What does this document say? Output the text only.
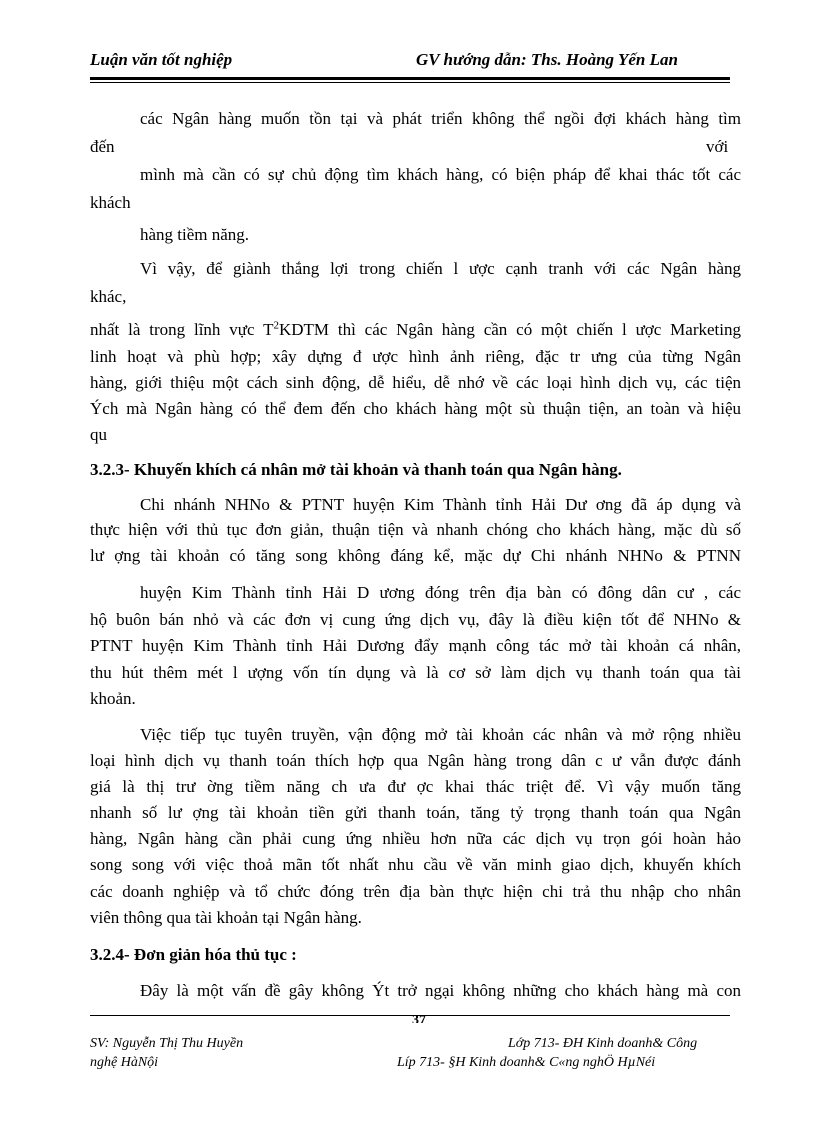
Luận văn tốt nghiệp	GV hướng dẫn: Ths. Hoàng Yến Lan
các Ngân hàng muốn tồn tại và phát triển không thể ngồi đợi khách hàng tìm
đến	với
mình mà cần có sự chủ động tìm khách hàng, có biện pháp để khai thác tốt các
khách
hàng tiềm năng.
Vì vậy, để giành thắng lợi trong chiến l ược cạnh tranh với các Ngân hàng
khác,
nhất là trong lĩnh vực $T^2KDTM$ thì các Ngân hàng cần có một chiến l ược Marketing
linh hoạt và phù hợp; xây dựng đ ược hình ảnh riêng, đặc tr ưng của từng Ngân
hàng, giới thiệu một cách sinh động, dễ hiểu, dễ nhớ về các loại hình dịch vụ, các tiện
Ých mà Ngân hàng có thể đem đến cho khách hàng một sù thuận tiện, an toàn và hiệu
qu
3.2.3- Khuyến khích cá nhân mở tài khoản và thanh toán qua Ngân hàng.
Chi nhánh NHNo & PTNT huyện Kim Thành tỉnh Hải Dư ơng đã áp dụng và
thực hiện với thủ tục đơn giản, thuận tiện và nhanh chóng cho khách hàng, mặc dù số
lư ợng tài khoản có tăng song không đáng kể, mặc dự Chi nhánh NHNo & PTNN
huyện Kim Thành tỉnh Hải D ương đóng trên địa bàn có đông dân cư , các
hộ buôn bán nhỏ và các đơn vị cung ứng dịch vụ, đây là điều kiện tốt để NHNo &
PTNT huyện Kim Thành tỉnh Hải Dương đẩy mạnh công tác mở tài khoản cá nhân,
thu hút thêm mét l ượng vốn tín dụng và là cơ sở làm dịch vụ thanh toán qua tài
khoản.
Việc tiếp tục tuyên truyền, vận động mở tài khoản các nhân và mở rộng nhiều
loại hình dịch vụ thanh toán thích hợp qua Ngân hàng trong dân c ư vẫn được đánh
giá là thị trư ờng tiềm năng ch ưa đư ợc khai thác triệt để. Vì vậy muốn tăng
nhanh số lư ợng tài khoản tiền gửi thanh toán, tăng tỷ trọng thanh toán qua Ngân
hàng, Ngân hàng cần phải cung ứng nhiều hơn nữa các dịch vụ trọn gói hoàn hảo
song song với việc thoả mãn tốt nhất nhu cầu về văn minh giao dịch, khuyến khích
các doanh nghiệp và tổ chức đóng trên địa bàn thực hiện chi trả thu nhập cho nhân
viên thông qua tài khoản tại Ngân hàng.
3.2.4- Đơn giản hóa thủ tục :
Đây là một vấn đề gây không Ýt trở ngại không những cho khách hàng mà con
37
SV: Nguyễn Thị Thu Huyền	Lớp 713- ĐH Kinh doanh& Công
nghệ HàNội	Líp 713- §H Kinh doanh& C«ng nghÖ HµNéi
